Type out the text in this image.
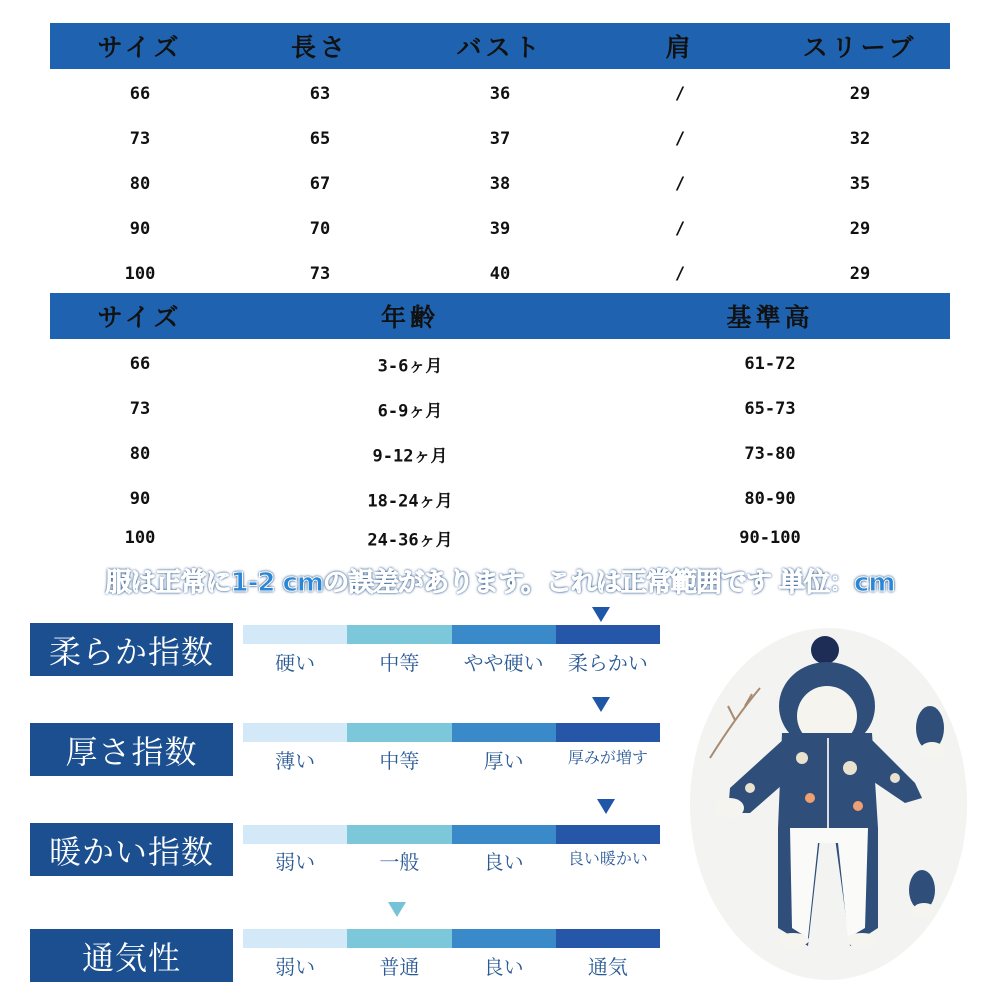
サイズ	長さ	バスト	肩	スリーブ
66	63	36	/	29
73	65	37	/	32
80	67	38	/	35
90	70	39	/	29
100	73	40	/	29
サイズ	年齢	基準高
66	3-6ヶ月	61-72
73	6-9ヶ月	65-73
80	9-12ヶ月	73-80
90	18-24ヶ月	80-90
100	24-36ヶ月	90-100
服は正常に1-2 cmの誤差があります。これは正常範囲です 単位：cm
柔らか指数	硬い	中等	やや硬い	柔らかい
厚さ指数	薄い	中等	厚い	厚みが増す
暖かい指数	弱い	一般	良い	良い暖かい
通気性	弱い	普通	良い	通気
